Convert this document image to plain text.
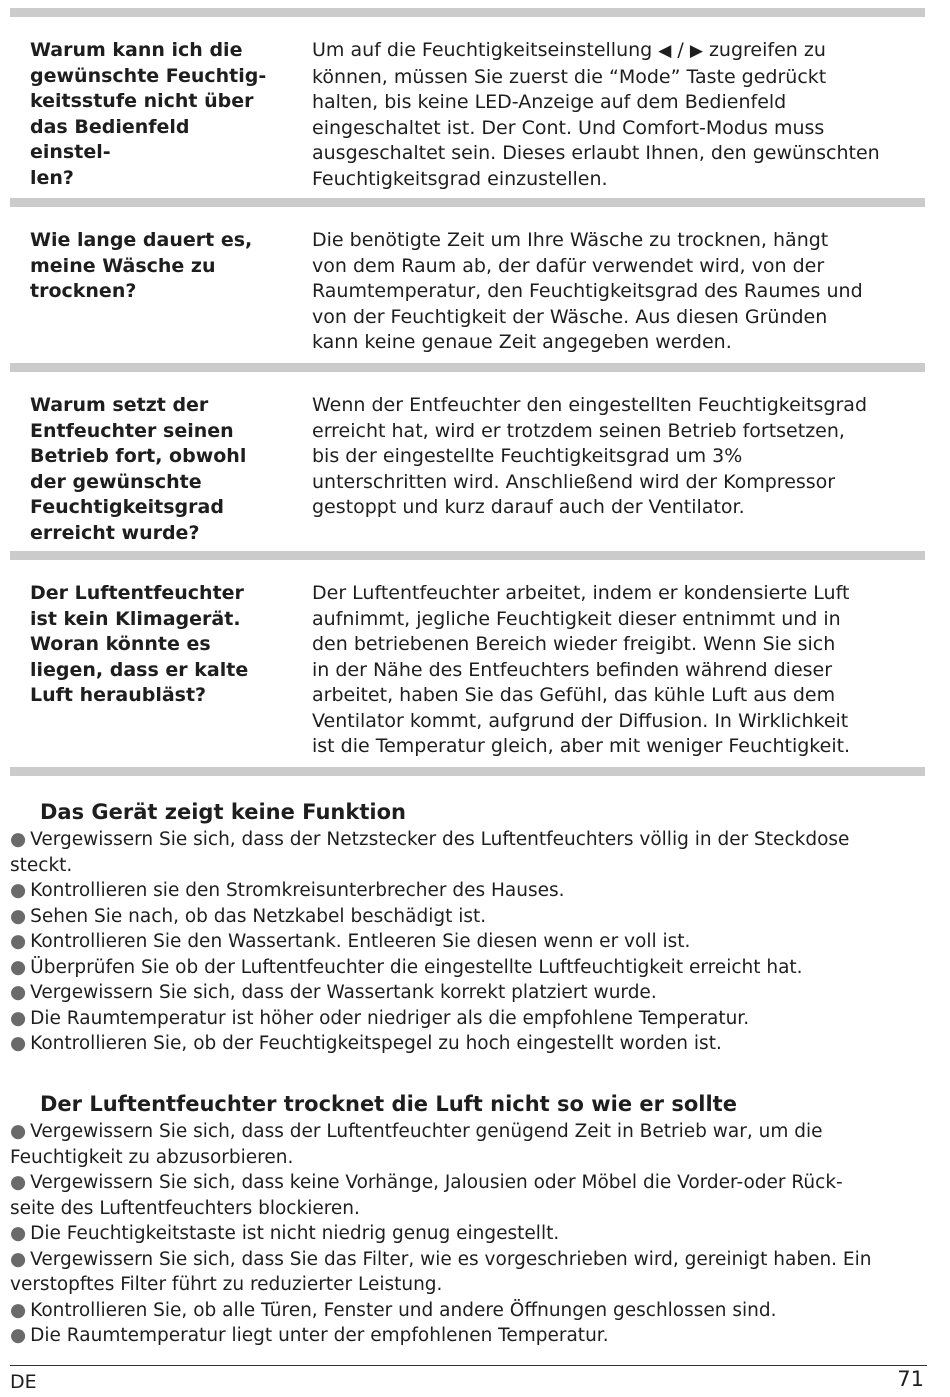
Warum kann ich die
gewünschte Feuchtig-
keitsstufe nicht über
das Bedienfeld einstel-
len?
Um auf die Feuchtigkeitseinstellung ◀ / ▶ zugreifen zu
können, müssen Sie zuerst die “Mode” Taste gedrückt
halten, bis keine LED-Anzeige auf dem Bedienfeld
eingeschaltet ist. Der Cont. Und Comfort-Modus muss
ausgeschaltet sein. Dieses erlaubt Ihnen, den gewünschten
Feuchtigkeitsgrad einzustellen.
Wie lange dauert es,
meine Wäsche zu
trocknen?
Die benötigte Zeit um Ihre Wäsche zu trocknen, hängt
von dem Raum ab, der dafür verwendet wird, von der
Raumtemperatur, den Feuchtigkeitsgrad des Raumes und
von der Feuchtigkeit der Wäsche. Aus diesen Gründen
kann keine genaue Zeit angegeben werden.
Warum setzt der
Entfeuchter seinen
Betrieb fort, obwohl
der gewünschte
Feuchtigkeitsgrad
erreicht wurde?
Wenn der Entfeuchter den eingestellten Feuchtigkeitsgrad
erreicht hat, wird er trotzdem seinen Betrieb fortsetzen,
bis der eingestellte Feuchtigkeitsgrad um 3%
unterschritten wird. Anschließend wird der Kompressor
gestoppt und kurz darauf auch der Ventilator.
Der Luftentfeuchter
ist kein Klimagerät.
Woran könnte es
liegen, dass er kalte
Luft heraubläst?
Der Luftentfeuchter arbeitet, indem er kondensierte Luft
aufnimmt, jegliche Feuchtigkeit dieser entnimmt und in
den betriebenen Bereich wieder freigibt. Wenn Sie sich
in der Nähe des Entfeuchters befinden während dieser
arbeitet, haben Sie das Gefühl, das kühle Luft aus dem
Ventilator kommt, aufgrund der Diffusion. In Wirklichkeit
ist die Temperatur gleich, aber mit weniger Feuchtigkeit.
Das Gerät zeigt keine Funktion
● Vergewissern Sie sich, dass der Netzstecker des Luftentfeuchters völlig in der Steckdose
steckt.
● Kontrollieren sie den Stromkreisunterbrecher des Hauses.
● Sehen Sie nach, ob das Netzkabel beschädigt ist.
● Kontrollieren Sie den Wassertank. Entleeren Sie diesen wenn er voll ist.
● Überprüfen Sie ob der Luftentfeuchter die eingestellte Luftfeuchtigkeit erreicht hat.
● Vergewissern Sie sich, dass der Wassertank korrekt platziert wurde.
● Die Raumtemperatur ist höher oder niedriger als die empfohlene Temperatur.
● Kontrollieren Sie, ob der Feuchtigkeitspegel zu hoch eingestellt worden ist.
Der Luftentfeuchter trocknet die Luft nicht so wie er sollte
● Vergewissern Sie sich, dass der Luftentfeuchter genügend Zeit in Betrieb war, um die
Feuchtigkeit zu abzusorbieren.
● Vergewissern Sie sich, dass keine Vorhänge, Jalousien oder Möbel die Vorder-oder Rück-
seite des Luftentfeuchters blockieren.
● Die Feuchtigkeitstaste ist nicht niedrig genug eingestellt.
● Vergewissern Sie sich, dass Sie das Filter, wie es vorgeschrieben wird, gereinigt haben. Ein
verstopftes Filter führt zu reduzierter Leistung.
● Kontrollieren Sie, ob alle Türen, Fenster und andere Öffnungen geschlossen sind.
● Die Raumtemperatur liegt unter der empfohlenen Temperatur.
DE	71
